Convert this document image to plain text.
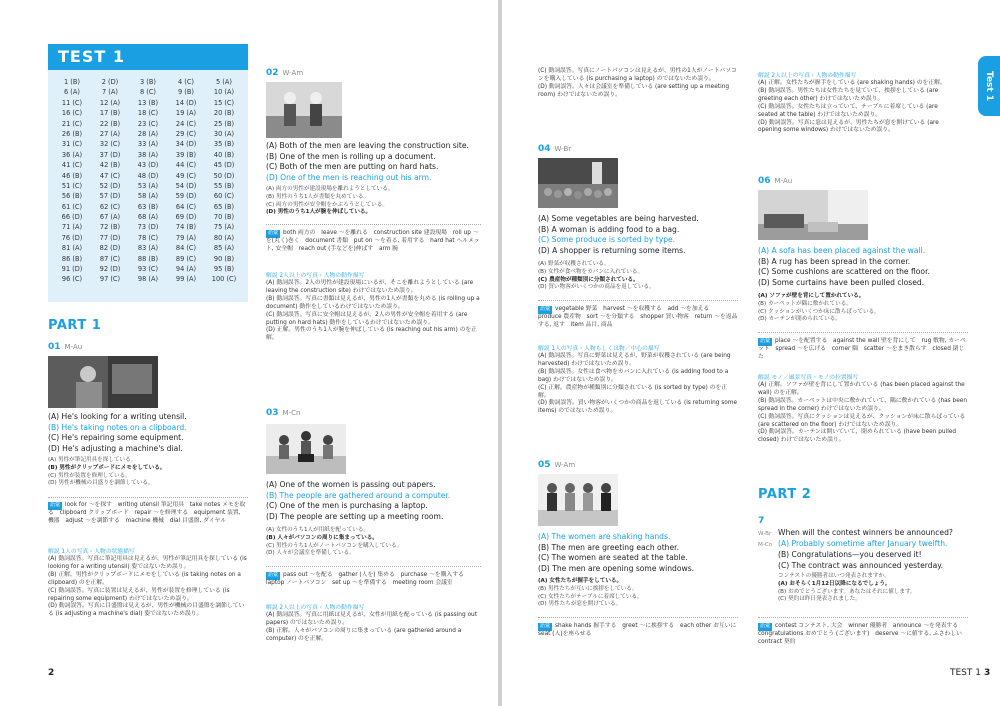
TEST 1
1 (B)	2 (D)	3 (B)	4 (C)	5 (A)
6 (A)	7 (A)	8 (C)	9 (B)	10 (A)
11 (C)	12 (A)	13 (B)	14 (D)	15 (C)
16 (C)	17 (B)	18 (C)	19 (A)	20 (B)
21 (C)	22 (B)	23 (C)	24 (C)	25 (B)
26 (B)	27 (A)	28 (A)	29 (C)	30 (A)
31 (C)	32 (C)	33 (A)	34 (D)	35 (B)
36 (A)	37 (D)	38 (A)	39 (B)	40 (B)
41 (C)	42 (B)	43 (D)	44 (C)	45 (D)
46 (B)	47 (C)	48 (D)	49 (C)	50 (D)
51 (C)	52 (D)	53 (A)	54 (D)	55 (B)
56 (B)	57 (D)	58 (A)	59 (D)	60 (C)
61 (C)	62 (C)	63 (B)	64 (C)	65 (B)
66 (D)	67 (A)	68 (A)	69 (D)	70 (B)
71 (A)	72 (B)	73 (D)	74 (B)	75 (A)
76 (D)	77 (D)	78 (C)	79 (A)	80 (A)
81 (A)	82 (D)	83 (A)	84 (C)	85 (A)
86 (B)	87 (C)	88 (B)	89 (C)	90 (B)
91 (D)	92 (D)	93 (C)	94 (A)	95 (B)
96 (C)	97 (C)	98 (A)	99 (A)	100 (C)
PART 1
01 M-Au
(A) He's looking for a writing utensil.
(B) He's taking notes on a clipboard.
(C) He's repairing some equipment.
(D) He's adjusting a machine's dial.
(A) 男性が筆記用具を探している。
(B) 男性がクリップボードにメモをしている。
(C) 男性が装置を修理している。
(D) 男性が機械の目盛りを調節している。
語彙 look for ～を探す　writing utensil 筆記用具　take notes メモを取る　clipboard クリップボード　repair ～を修理する　equipment 装置, 機器　adjust ～を調節する　machine 機械　dial 目盛盤, ダイヤル
解説 1人の写真・人物の状態描写
(A) 動詞誤答。写真に筆記用具は見えるが、男性が筆記用具を探している (is looking for a writing utensil) 姿ではないため誤り。
(B) 正解。男性がクリップボードにメモをしている (is taking notes on a clipboard) のを正解。
(C) 動詞誤答。写真に装置は見えるが、男性が装置を修理している (is repairing some equipment) わけではないため誤り。
(D) 動詞誤答。写真に目盛盤は見えるが、男性が機械の目盛盤を調節している (is adjusting a machine's dial) 姿ではないため誤り。
02 W-Am
(A) Both of the men are leaving the construction site.
(B) One of the men is rolling up a document.
(C) Both of the men are putting on hard hats.
(D) One of the men is reaching out his arm.
(A) 両方の男性が建設現場を離れようとしている。
(B) 男性のうち1人が書類を丸めている。
(C) 両方の男性が安全帽をかぶろうとしている。
(D) 男性のうち1人が腕を伸ばしている。
語彙 both 両方の　leave ～を離れる　construction site 建設現場　roll up ～を(丸く)巻く　document 書類　put on ～を着る, 着用する　hard hat ヘルメット, 安全帽　reach out (手などを)伸ばす　arm 腕
解説 2人以上の写真・人物の動作描写
(A) 動詞誤答。2人の男性が建設現場にいるが、そこを離れようとしている (are leaving the construction site) わけではないため誤り。
(B) 動詞誤答。写真に書類は見えるが、男性の1人が書類を丸める (is rolling up a document) 動作をしているわけではないため誤り。
(C) 動詞誤答。写真に安全帽は見えるが、2人の男性が安全帽を着用する (are putting on hard hats) 動作をしているわけではないため誤り。
(D) 正解。男性のうち1人が腕を伸ばしている (is reaching out his arm) のを正解。
03 M-Cn
(A) One of the women is passing out papers.
(B) The people are gathered around a computer.
(C) One of the men is purchasing a laptop.
(D) The people are setting up a meeting room.
(A) 女性のうち1人が用紙を配っている。
(B) 人々がパソコンの周りに集まっている。
(C) 男性のうち1人がノートパソコンを購入している。
(D) 人々が会議室を準備している。
語彙 pass out ～を配る　gather (人を) 集める　purchase ～を購入する　laptop ノートパソコン　set up ～を準備する　meeting room 会議室
解説 2人以上の写真・人物の動作描写
(A) 動詞誤答。写真に用紙は見えるが、女性が用紙を配っている (is passing out papers) のではないため誤り。
(B) 正解。人々がパソコンの周りに集まっている (are gathered around a computer) のを正解。
2
(C) 動詞誤答。写真にノートパソコンは見えるが、男性の1人がノートパソコンを購入している (is purchasing a laptop) のではないため誤り。
(D) 動詞誤答。人々は会議室を準備している (are setting up a meeting room) わけではないため誤り。
04 W-Br
(A) Some vegetables are being harvested.
(B) A woman is adding food to a bag.
(C) Some produce is sorted by type.
(D) A shopper is returning some items.
(A) 野菜が収穫されている。
(B) 女性が食べ物をカバンに入れている。
(C) 農産物が種類別に分類されている。
(D) 買い物客がいくつかの商品を返している。
語彙 vegetable 野菜　harvest ～を収穫する　add ～を加える　produce 農産物　sort ～を分類する　shopper 買い物客　return ～を返品する, 返す　item 品目, 商品
解説 1人の写真・人物もしくは物／中心の描写
(A) 動詞誤答。写真に野菜は見えるが、野菜が収穫されている (are being harvested) わけではないため誤り。
(B) 動詞誤答。女性は食べ物をカバンに入れている (is adding food to a bag) わけではないため誤り。
(C) 正解。農産物が種類別に分類されている (is sorted by type) のを正解。
(D) 動詞誤答。買い物客がいくつかの商品を返している (is returning some items) のではないため誤り。
05 W-Am
(A) The women are shaking hands.
(B) The men are greeting each other.
(C) The women are seated at the table.
(D) The men are opening some windows.
(A) 女性たちが握手をしている。
(B) 男性たちが互いに挨拶をしている。
(C) 女性たちがテーブルに着席している。
(D) 男性たちが窓を開けている。
語彙 shake hands 握手する　greet ～に挨拶する　each other お互いに　seat (人)を座らせる
解説 2人以上の写真・人物の動作描写
(A) 正解。女性たちが握手をしている (are shaking hands) のを正解。
(B) 動詞誤答。男性たちは女性たちを見ていて、挨拶をしている (are greeting each other) わけではないため誤り。
(C) 動詞誤答。女性たちは立っていて、テーブルに着席している (are seated at the table) わけではないため誤り。
(D) 動詞誤答。写真に窓は見えるが、男性たちが窓を開けている (are opening some windows) わけではないため誤り。
06 M-Au
(A) A sofa has been placed against the wall.
(B) A rug has been spread in the corner.
(C) Some cushions are scattered on the floor.
(D) Some curtains have been pulled closed.
(A) ソファが壁を背にして置かれている。
(B) カーペットが隅に敷かれている。
(C) クッションがいくつか床に散らばっている。
(D) カーテンが閉められている。
語彙 place ～を配置する　against the wall 壁を背にして　rug 敷物, カーペット　spread ～を広げる　corner 隅　scatter ～をまき散らす　closed 閉じた
解説 モノ／風景写真・モノの位置描写
(A) 正解。ソファが壁を背にして置かれている (has been placed against the wall) のを正解。
(B) 動詞誤答。カーペットは中央に敷かれていて、隅に敷かれている (has been spread in the corner) わけではないため誤り。
(C) 動詞誤答。写真にクッションは見えるが、クッションが床に散らばっている (are scattered on the floor) わけではないため誤り。
(D) 動詞誤答。カーテンは開いていて、閉められている (have been pulled closed) わけではないため誤り。
PART 2
7
W-Br When will the contest winners be announced?
M-Cn (A) Probably sometime after January twelfth.
(B) Congratulations—you deserved it!
(C) The contract was announced yesterday.
コンテストの優勝者はいつ発表されますか。
(A) おそらく1月12日以降になるでしょう。
(B) おめでとうございます。あなたはそれに値します。
(C) 契約は昨日発表されました。
語彙 contest コンテスト, 大会　winner 優勝者　announce ～を発表する　congratulations おめでとう (ございます)　deserve ～に値する, ふさわしい　contract 契約
TEST 1 3
Test 1
